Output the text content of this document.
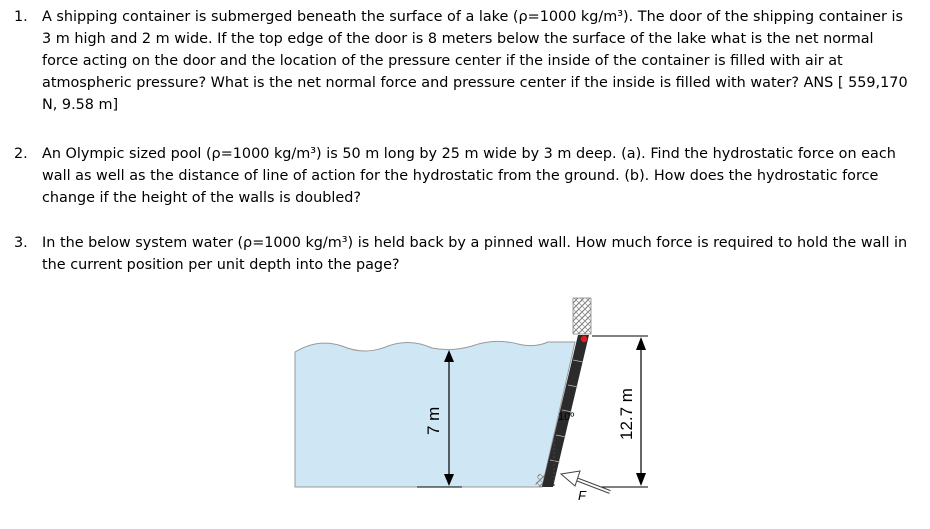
1. A shipping container is submerged beneath the surface of a lake (ρ=1000 kg/m³). The door of the shipping container is 3 m high and 2 m wide. If the top edge of the door is 8 meters below the surface of the lake what is the net normal force acting on the door and the location of the pressure center if the inside of the container is filled with air at atmospheric pressure? What is the net normal force and pressure center if the inside is filled with water? ANS [ 559,170 N, 9.58 m]
2. An Olympic sized pool (ρ=1000 kg/m³) is 50 m long by 25 m wide by 3 m deep. (a). Find the hydrostatic force on each wall as well as the distance of line of action for the hydrostatic from the ground. (b). How does the hydrostatic force change if the height of the walls is doubled?
3. In the below system water (ρ=1000 kg/m³) is held back by a pinned wall. How much force is required to hold the wall in the current position per unit depth into the page?
10º
7 m	12.7 m
F
